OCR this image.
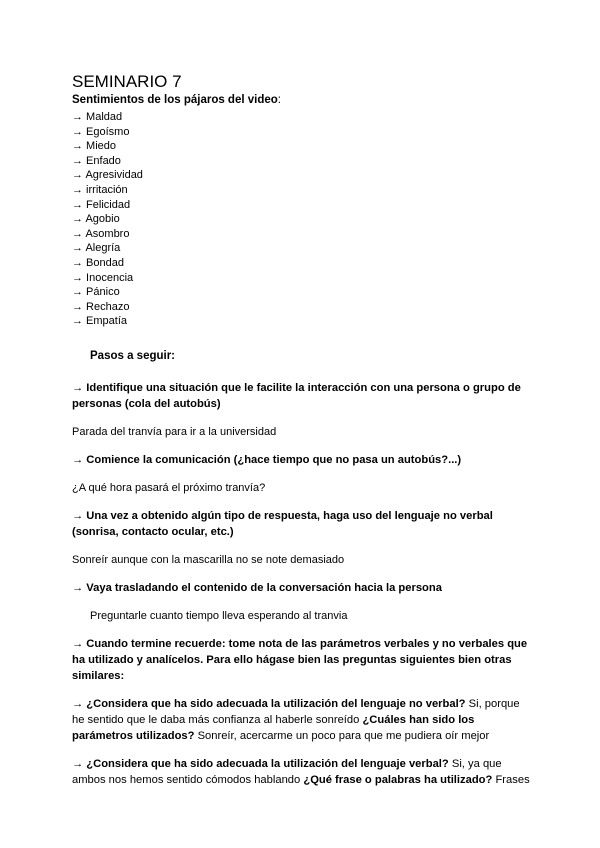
SEMINARIO 7
Sentimientos de los pájaros del video:
→ Maldad
→ Egoísmo
→ Miedo
→ Enfado
→ Agresividad
→ irritación
→ Felicidad
→ Agobio
→ Asombro
→ Alegría
→ Bondad
→ Inocencia
→ Pánico
→ Rechazo
→ Empatía
Pasos a seguir:

→ Identifique una situación que le facilite la interacción con una persona o grupo de personas (cola del autobús)

Parada del tranvía para ir a la universidad

→ Comience la comunicación (¿hace tiempo que no pasa un autobús?...)

¿A qué hora pasará el próximo tranvía?

→ Una vez a obtenido algún tipo de respuesta, haga uso del lenguaje no verbal (sonrisa, contacto ocular, etc.)

Sonreír aunque con la mascarilla no se note demasiado

→ Vaya trasladando el contenido de la conversación hacia la persona

Preguntarle cuanto tiempo lleva esperando al tranvia

→ Cuando termine recuerde: tome nota de las parámetros verbales y no verbales que ha utilizado y analícelos. Para ello hágase bien las preguntas siguientes bien otras similares:

→ ¿Considera que ha sido adecuada la utilización del lenguaje no verbal? Si, porque he sentido que le daba más confianza al haberle sonreído ¿Cuáles han sido los parámetros utilizados? Sonreír, acercarme un poco para que me pudiera oír mejor

→ ¿Considera que ha sido adecuada la utilización del lenguaje verbal? Si, ya que ambos nos hemos sentido cómodos hablando ¿Qué frase o palabras ha utilizado? Frases
